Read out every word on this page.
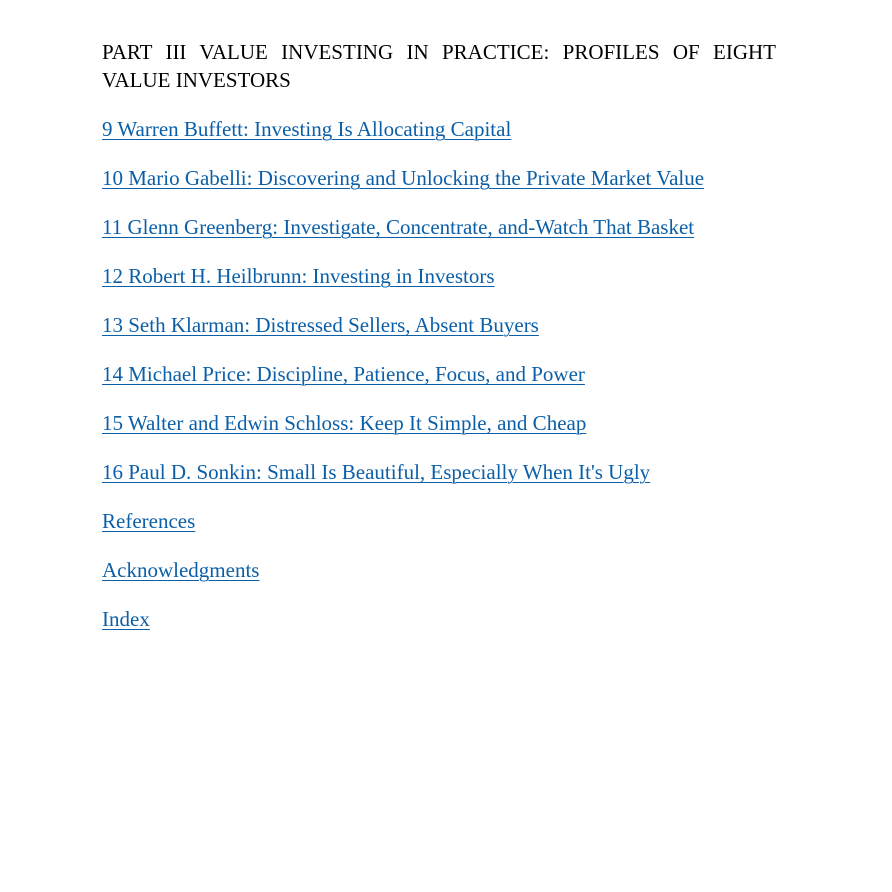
PART III VALUE INVESTING IN PRACTICE: PROFILES OF EIGHT VALUE INVESTORS
9 Warren Buffett: Investing Is Allocating Capital
10 Mario Gabelli: Discovering and Unlocking the Private Market Value
11 Glenn Greenberg: Investigate, Concentrate, and-Watch That Basket
12 Robert H. Heilbrunn: Investing in Investors
13 Seth Klarman: Distressed Sellers, Absent Buyers
14 Michael Price: Discipline, Patience, Focus, and Power
15 Walter and Edwin Schloss: Keep It Simple, and Cheap
16 Paul D. Sonkin: Small Is Beautiful, Especially When It's Ugly
References
Acknowledgments
Index
